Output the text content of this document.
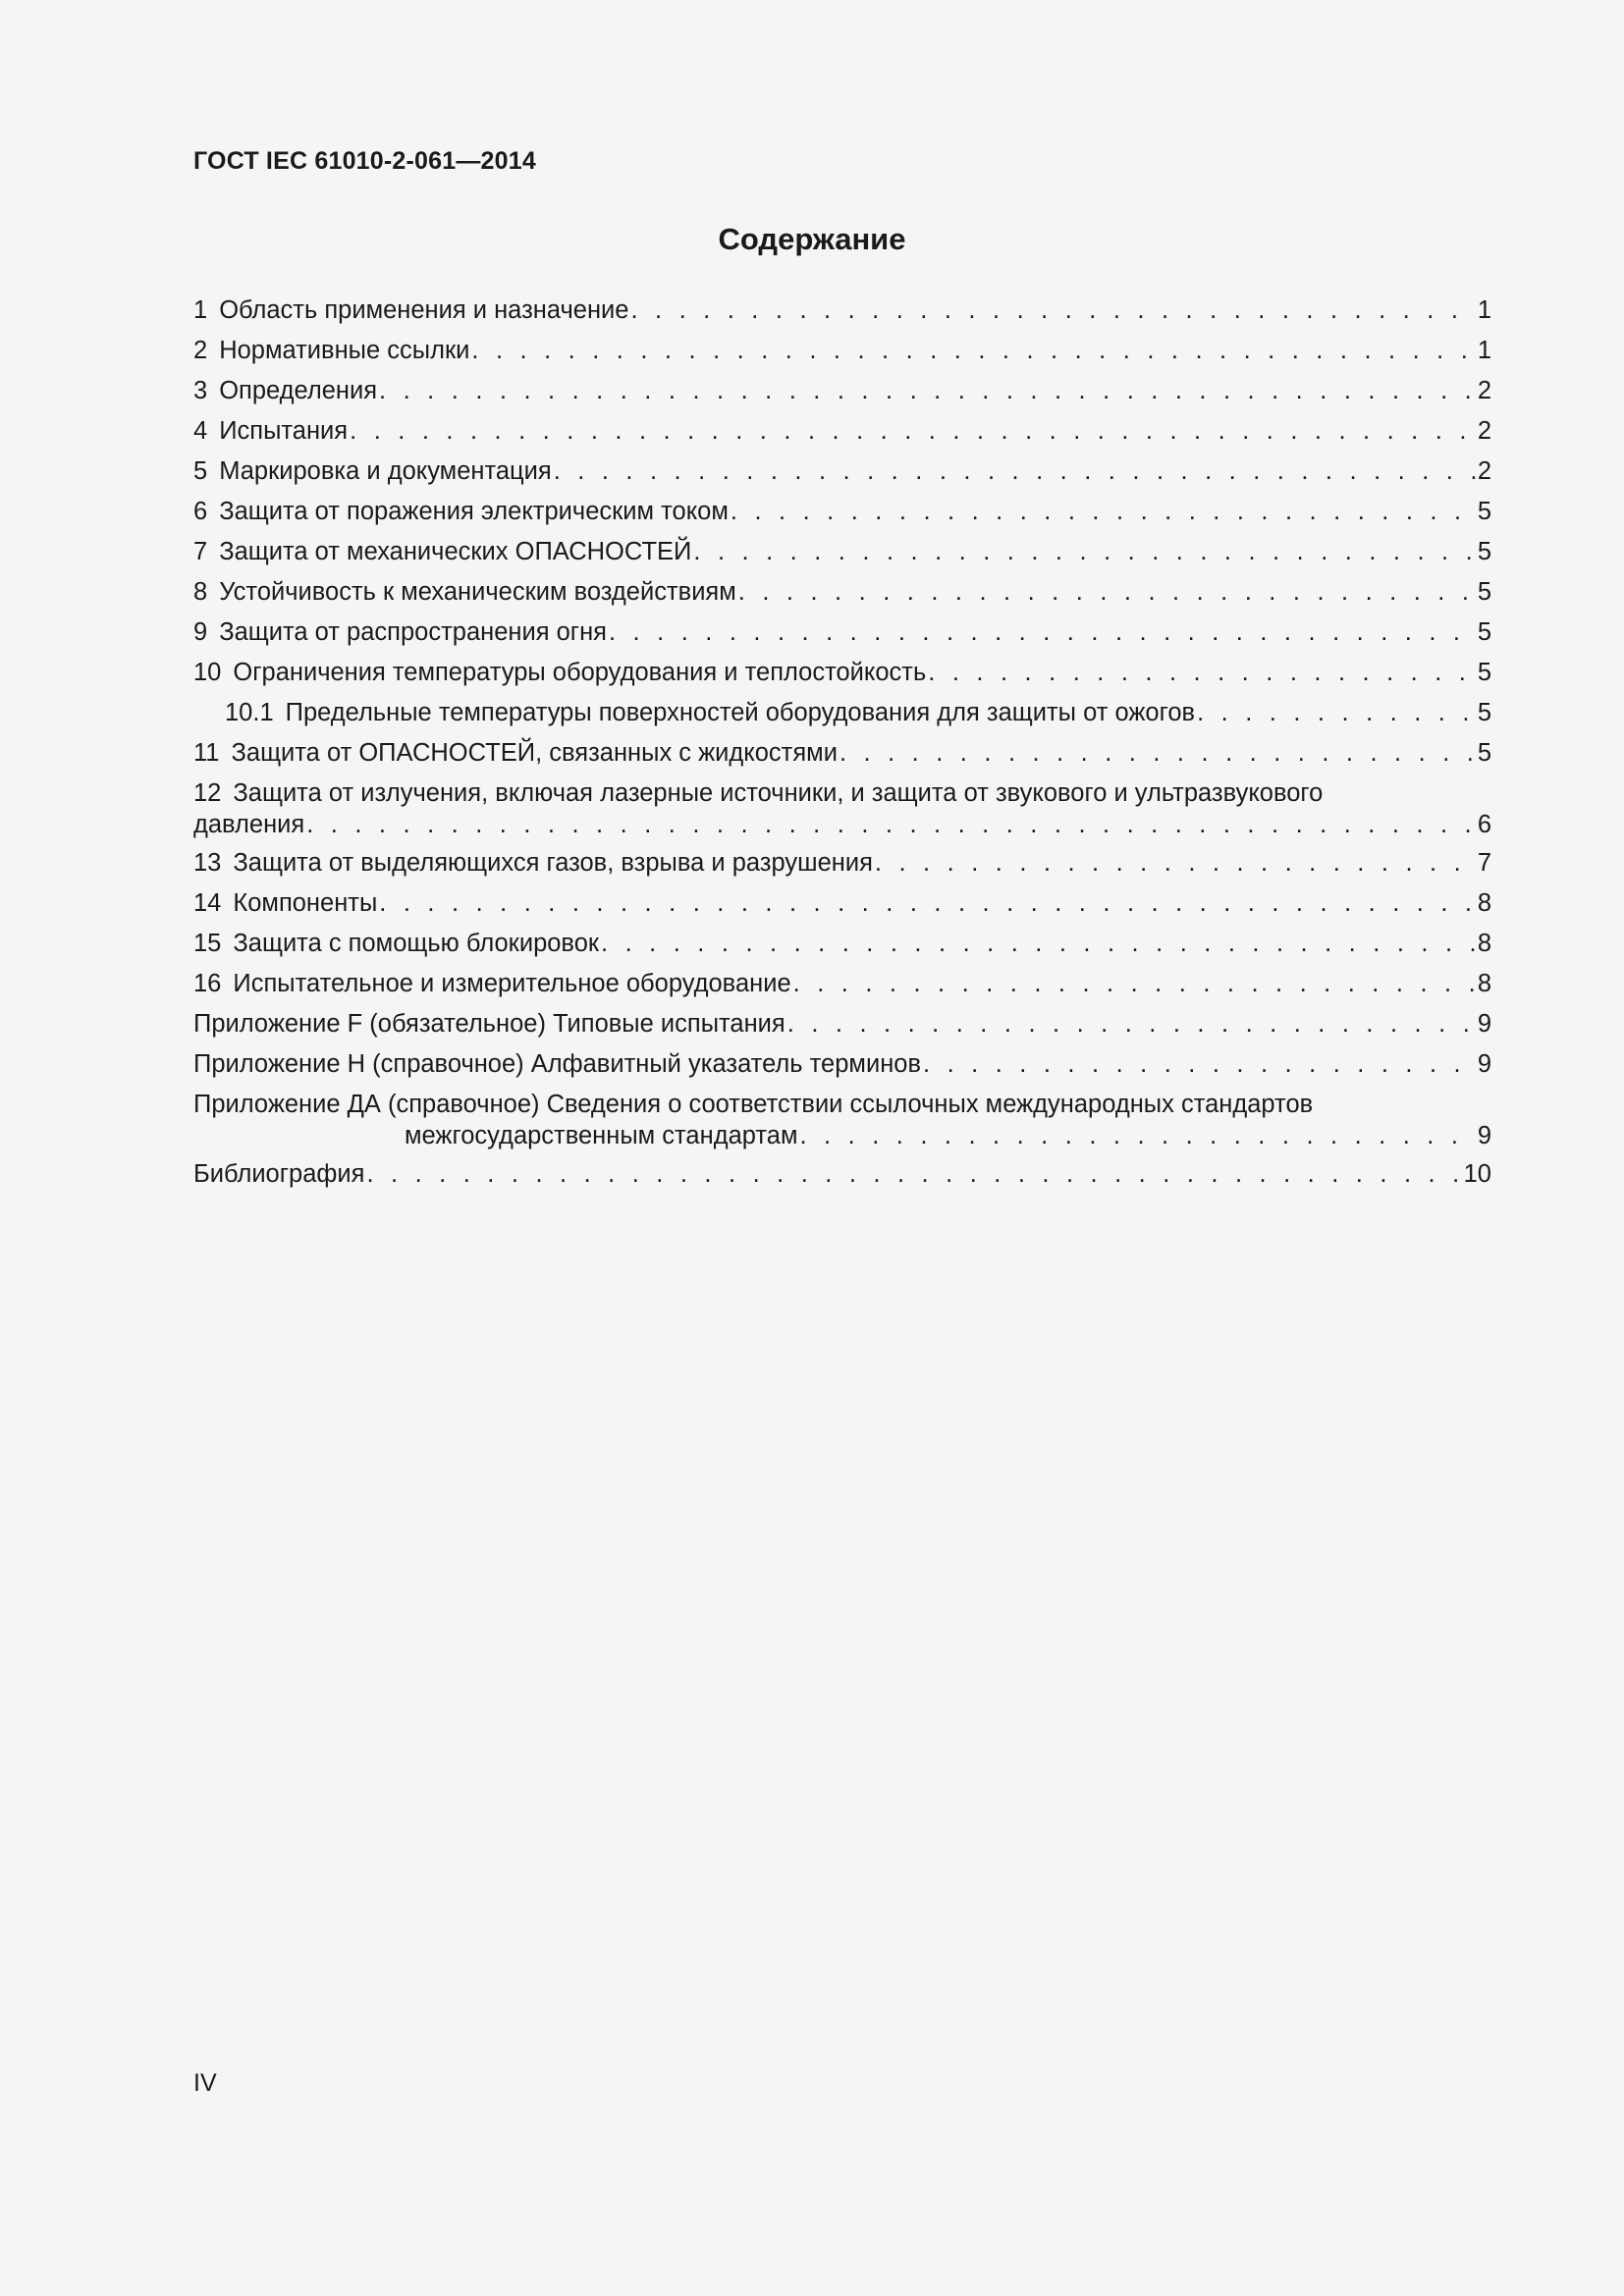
ГОСТ IEC 61010-2-061—2014
Содержание
1 Область применения и назначение . . .	1
2 Нормативные ссылки . . .	1
3 Определения . . .	2
4 Испытания . . .	2
5 Маркировка и документация . . .	2
6 Защита от поражения электрическим током . . .	5
7 Защита от механических ОПАСНОСТЕЙ . . .	5
8 Устойчивость к механическим воздействиям . . .	5
9 Защита от распространения огня . . .	5
10 Ограничения температуры оборудования и теплостойкость . . .	5
10.1 Предельные температуры поверхностей оборудования для защиты от ожогов . . .	5
11 Защита от ОПАСНОСТЕЙ, связанных с жидкостями . . .	5
12 Защита от излучения, включая лазерные источники, и защита от звукового и ультразвукового
давления . . .	6
13 Защита от выделяющихся газов, взрыва и разрушения . . .	7
14 Компоненты . . .	8
15 Защита с помощью блокировок . . .	8
16 Испытательное и измерительное оборудование . . .	8
Приложение F (обязательное) Типовые испытания . . .	9
Приложение H (справочное) Алфавитный указатель терминов . . .	9
Приложение ДА (справочное) Сведения о соответствии ссылочных международных стандартов
межгосударственным стандартам . . .	9
Библиография . . .	10
IV
